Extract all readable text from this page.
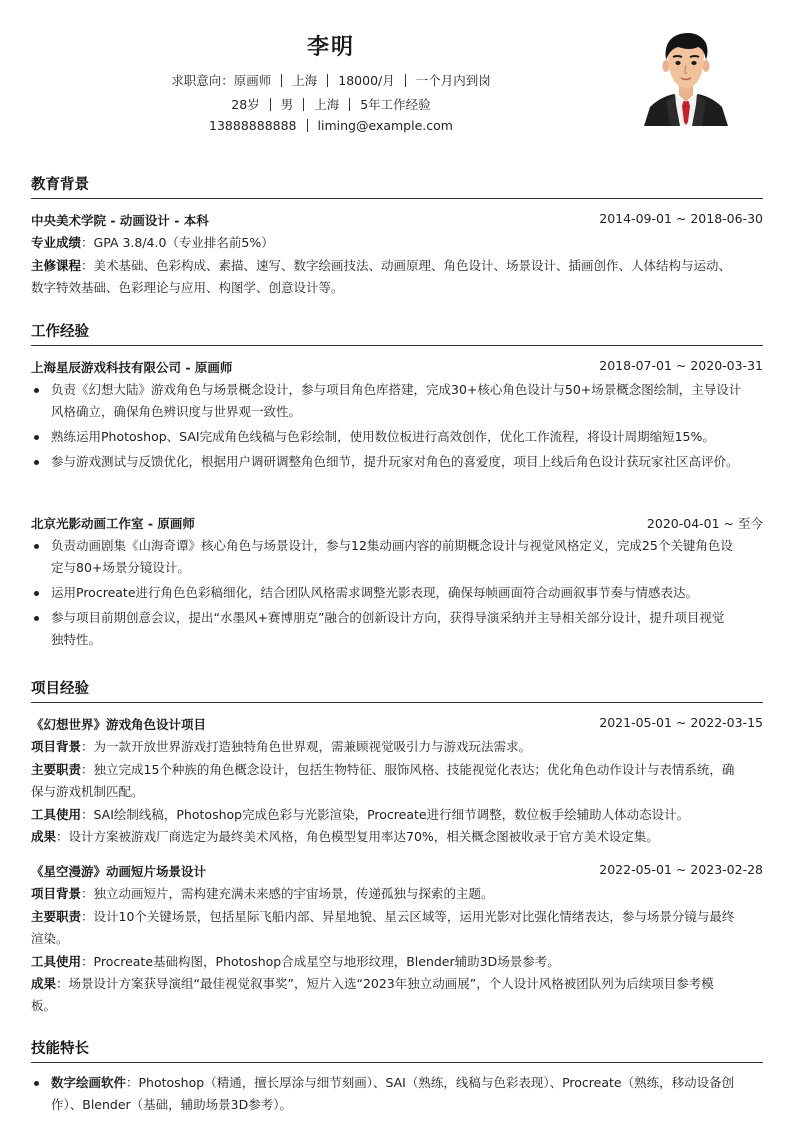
李明
求职意向：原画师 上海 18000/月 一个月内到岗
28岁 男 上海 5年工作经验
13888888888 liming@example.com
教育背景
中央美术学院 - 动画设计 - 本科	2014-09-01 ~ 2018-06-30
专业成绩：GPA 3.8/4.0（专业排名前5%）
主修课程：美术基础、色彩构成、素描、速写、数字绘画技法、动画原理、角色设计、场景设计、插画创作、人体结构与运动、
数字特效基础、色彩理论与应用、构图学、创意设计等。
工作经验
上海星辰游戏科技有限公司 - 原画师	2018-07-01 ~ 2020-03-31
负责《幻想大陆》游戏角色与场景概念设计，参与项目角色库搭建，完成30+核心角色设计与50+场景概念图绘制，主导设计
风格确立，确保角色辨识度与世界观一致性。
熟练运用Photoshop、SAI完成角色线稿与色彩绘制，使用数位板进行高效创作，优化工作流程，将设计周期缩短15%。
参与游戏测试与反馈优化，根据用户调研调整角色细节，提升玩家对角色的喜爱度，项目上线后角色设计获玩家社区高评价。
北京光影动画工作室 - 原画师	2020-04-01 ~ 至今
负责动画剧集《山海奇谭》核心角色与场景设计，参与12集动画内容的前期概念设计与视觉风格定义，完成25个关键角色设
定与80+场景分镜设计。
运用Procreate进行角色色彩稿细化，结合团队风格需求调整光影表现，确保每帧画面符合动画叙事节奏与情感表达。
参与项目前期创意会议，提出“水墨风+赛博朋克”融合的创新设计方向，获得导演采纳并主导相关部分设计，提升项目视觉
独特性。
项目经验
《幻想世界》游戏角色设计项目	2021-05-01 ~ 2022-03-15
项目背景：为一款开放世界游戏打造独特角色世界观，需兼顾视觉吸引力与游戏玩法需求。
主要职责：独立完成15个种族的角色概念设计，包括生物特征、服饰风格、技能视觉化表达；优化角色动作设计与表情系统，确
保与游戏机制匹配。
工具使用：SAI绘制线稿，Photoshop完成色彩与光影渲染，Procreate进行细节调整，数位板手绘辅助人体动态设计。
成果：设计方案被游戏厂商选定为最终美术风格，角色模型复用率达70%，相关概念图被收录于官方美术设定集。
《星空漫游》动画短片场景设计	2022-05-01 ~ 2023-02-28
项目背景：独立动画短片，需构建充满未来感的宇宙场景，传递孤独与探索的主题。
主要职责：设计10个关键场景，包括星际飞船内部、异星地貌、星云区域等，运用光影对比强化情绪表达，参与场景分镜与最终
渲染。
工具使用：Procreate基础构图，Photoshop合成星空与地形纹理，Blender辅助3D场景参考。
成果：场景设计方案获导演组“最佳视觉叙事奖”，短片入选“2023年独立动画展”，个人设计风格被团队列为后续项目参考模
板。
技能特长
数字绘画软件：Photoshop（精通，擅长厚涂与细节刻画）、SAI（熟练，线稿与色彩表现）、Procreate（熟练，移动设备创
作）、Blender（基础，辅助场景3D参考）。
